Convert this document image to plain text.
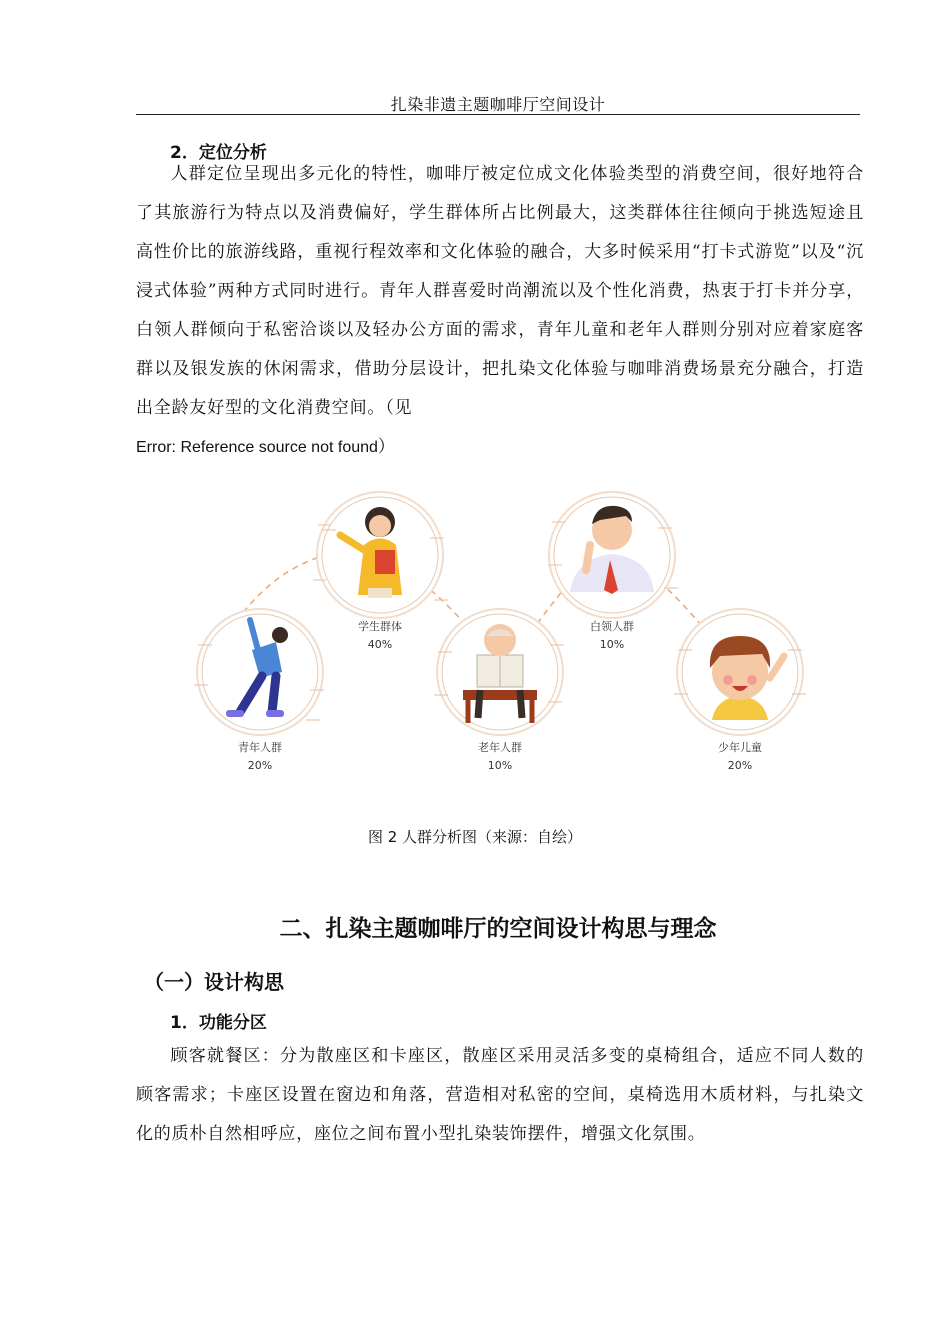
扎染非遗主题咖啡厅空间设计
2．定位分析

人群定位呈现出多元化的特性，咖啡厅被定位成文化体验类型的消费空间，很好地符合了其旅游行为特点以及消费偏好，学生群体所占比例最大，这类群体往往倾向于挑选短途且高性价比的旅游线路，重视行程效率和文化体验的融合，大多时候采用“打卡式游览”以及“沉浸式体验”两种方式同时进行。青年人群喜爱时尚潮流以及个性化消费，热衷于打卡并分享，白领人群倾向于私密洽谈以及轻办公方面的需求，青年儿童和老年人群则分别对应着家庭客群以及银发族的休闲需求，借助分层设计，把扎染文化体验与咖啡消费场景充分融合，打造出全龄友好型的文化消费空间。（见
Error: Reference source not found）

学生群体
40%
白领人群
10%
青年人群
20%
老年人群
10%
少年儿童
20%
图 2 人群分析图（来源：自绘）
二、扎染主题咖啡厅的空间设计构思与理念
（一）设计构思
1．功能分区

顾客就餐区：分为散座区和卡座区，散座区采用灵活多变的桌椅组合，适应不同人数的顾客需求；卡座区设置在窗边和角落，营造相对私密的空间，桌椅选用木质材料，与扎染文化的质朴自然相呼应，座位之间布置小型扎染装饰摆件，增强文化氛围。
